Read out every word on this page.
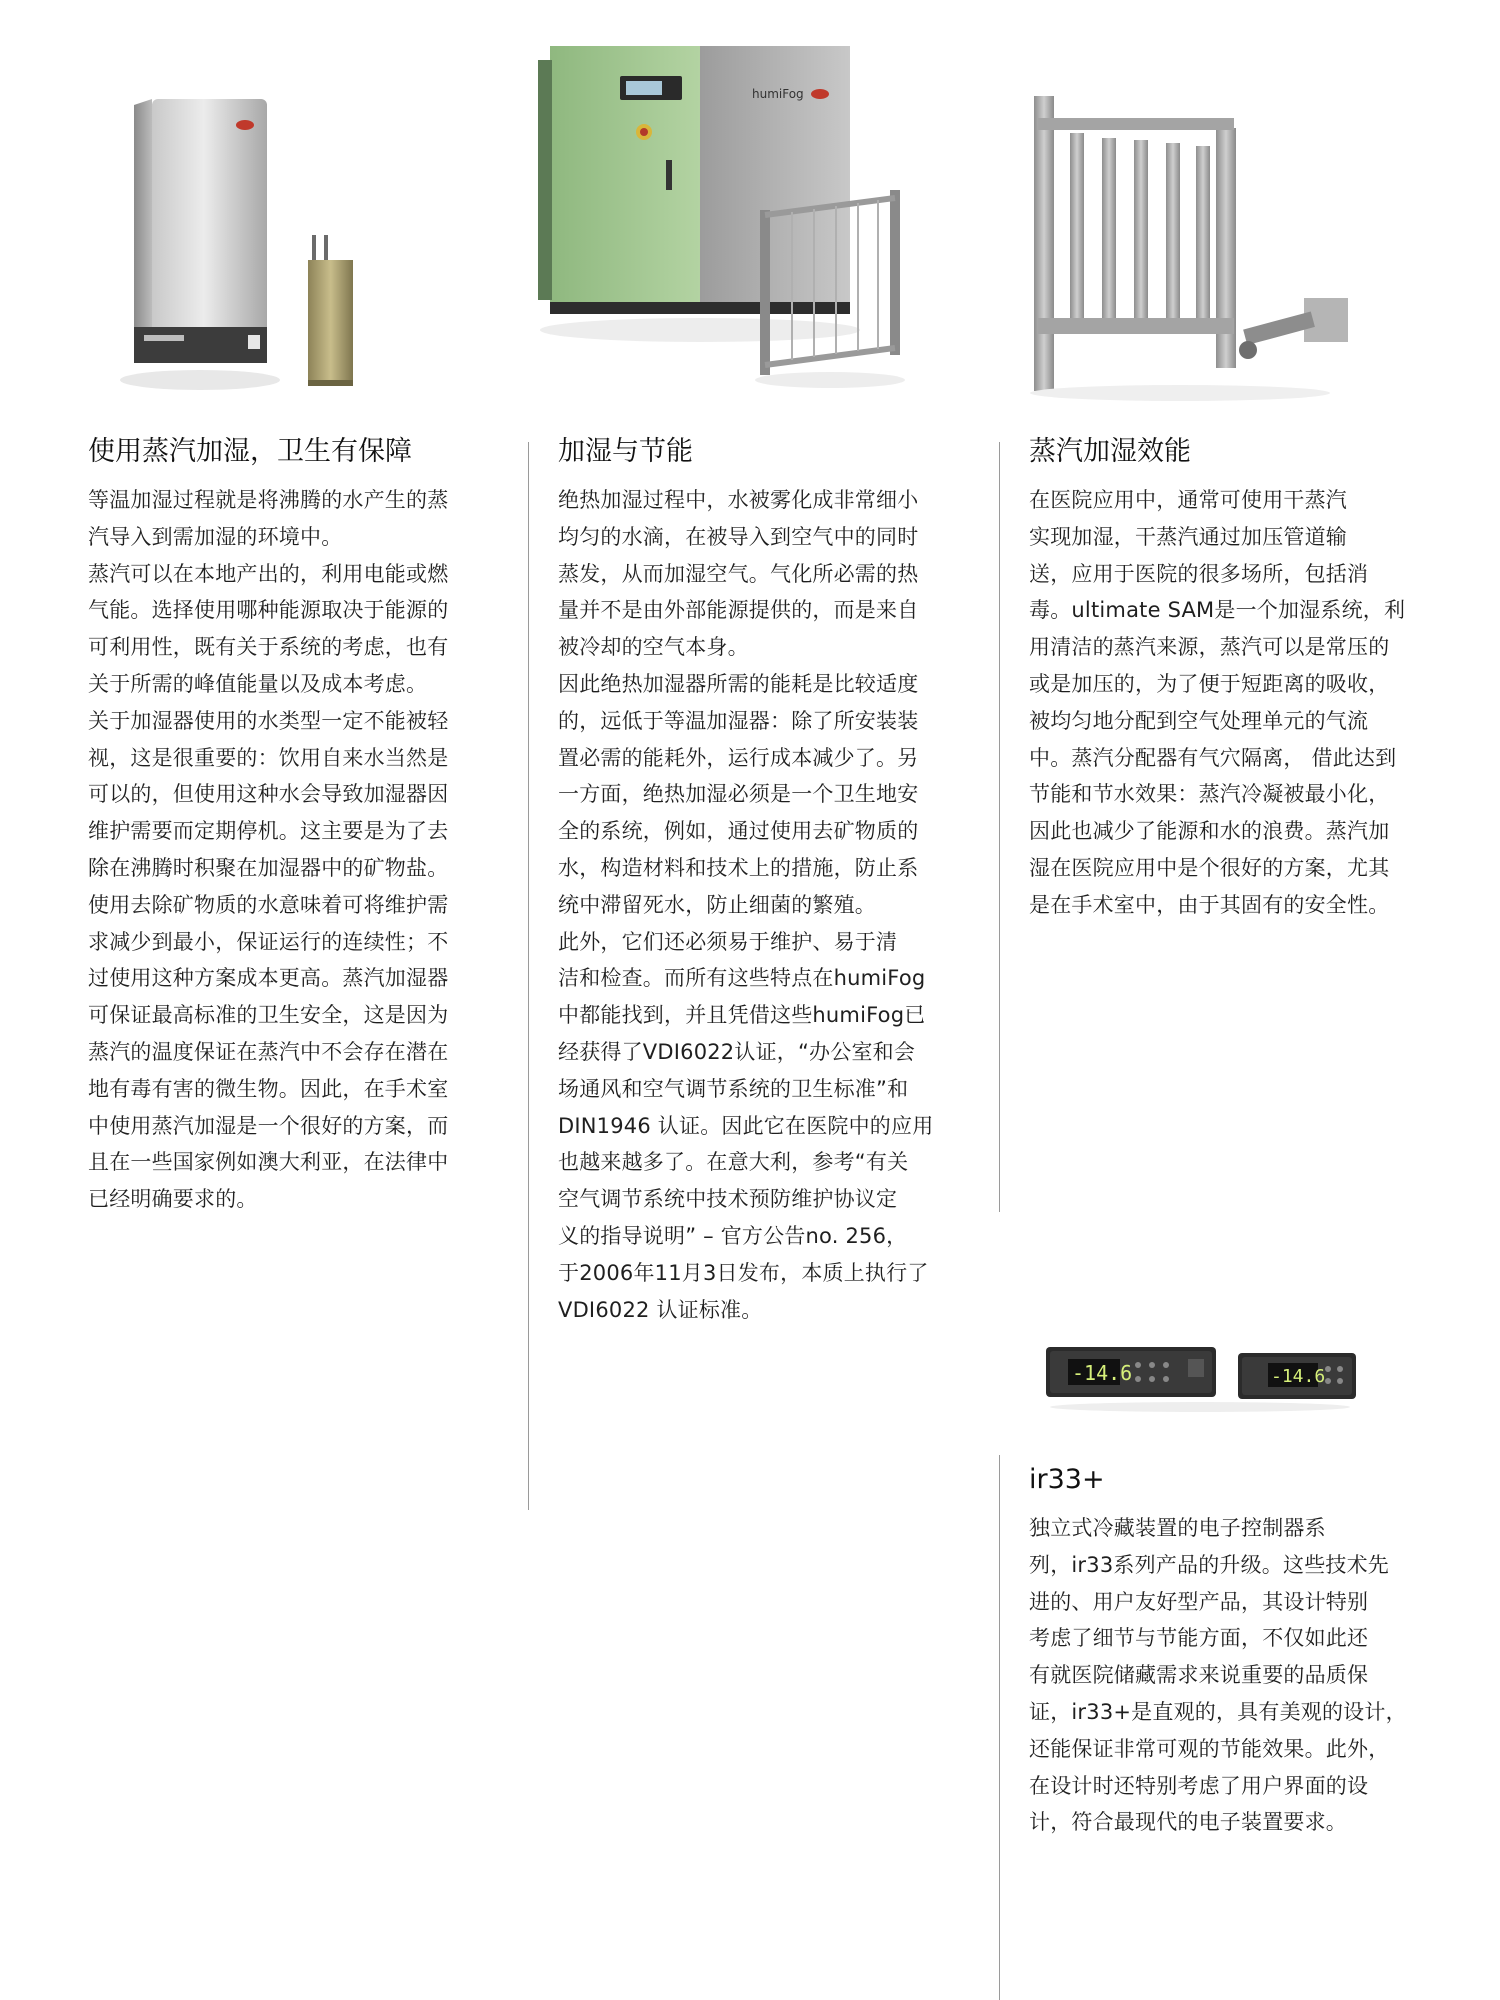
humiFog
-14.6	-14.6
使用蒸汽加湿，卫生有保障

等温加湿过程就是将沸腾的水产生的蒸
汽导入到需加湿的环境中。
蒸汽可以在本地产出的，利用电能或燃
气能。选择使用哪种能源取决于能源的
可利用性，既有关于系统的考虑，也有
关于所需的峰值能量以及成本考虑。
关于加湿器使用的水类型一定不能被轻
视，这是很重要的：饮用自来水当然是
可以的，但使用这种水会导致加湿器因
维护需要而定期停机。这主要是为了去
除在沸腾时积聚在加湿器中的矿物盐。
使用去除矿物质的水意味着可将维护需
求减少到最小，保证运行的连续性；不
过使用这种方案成本更高。蒸汽加湿器
可保证最高标准的卫生安全，这是因为
蒸汽的温度保证在蒸汽中不会存在潜在
地有毒有害的微生物。因此，在手术室
中使用蒸汽加湿是一个很好的方案，而
且在一些国家例如澳大利亚，在法律中
已经明确要求的。

加湿与节能

绝热加湿过程中，水被雾化成非常细小
均匀的水滴，在被导入到空气中的同时
蒸发，从而加湿空气。气化所必需的热
量并不是由外部能源提供的，而是来自
被冷却的空气本身。
因此绝热加湿器所需的能耗是比较适度
的，远低于等温加湿器：除了所安装装
置必需的能耗外，运行成本减少了。另
一方面，绝热加湿必须是一个卫生地安
全的系统，例如，通过使用去矿物质的
水，构造材料和技术上的措施，防止系
统中滞留死水，防止细菌的繁殖。
此外，它们还必须易于维护、易于清
洁和检查。而所有这些特点在humiFog
中都能找到，并且凭借这些humiFog已
经获得了VDI6022认证，“办公室和会
场通风和空气调节系统的卫生标准”和
DIN1946 认证。因此它在医院中的应用
也越来越多了。在意大利，参考“有关
空气调节系统中技术预防维护协议定
义的指导说明” – 官方公告no. 256，
于2006年11月3日发布，本质上执行了
VDI6022 认证标准。

蒸汽加湿效能

在医院应用中，通常可使用干蒸汽
实现加湿，干蒸汽通过加压管道输
送，应用于医院的很多场所，包括消
毒。ultimate SAM是一个加湿系统，利
用清洁的蒸汽来源，蒸汽可以是常压的
或是加压的，为了便于短距离的吸收，
被均匀地分配到空气处理单元的气流
中。蒸汽分配器有气穴隔离， 借此达到
节能和节水效果：蒸汽冷凝被最小化，
因此也减少了能源和水的浪费。蒸汽加
湿在医院应用中是个很好的方案，尤其
是在手术室中，由于其固有的安全性。

ir33+

独立式冷藏装置的电子控制器系
列，ir33系列产品的升级。这些技术先
进的、用户友好型产品，其设计特别
考虑了细节与节能方面，不仅如此还
有就医院储藏需求来说重要的品质保
证，ir33+是直观的，具有美观的设计，
还能保证非常可观的节能效果。此外，
在设计时还特别考虑了用户界面的设
计，符合最现代的电子装置要求。
